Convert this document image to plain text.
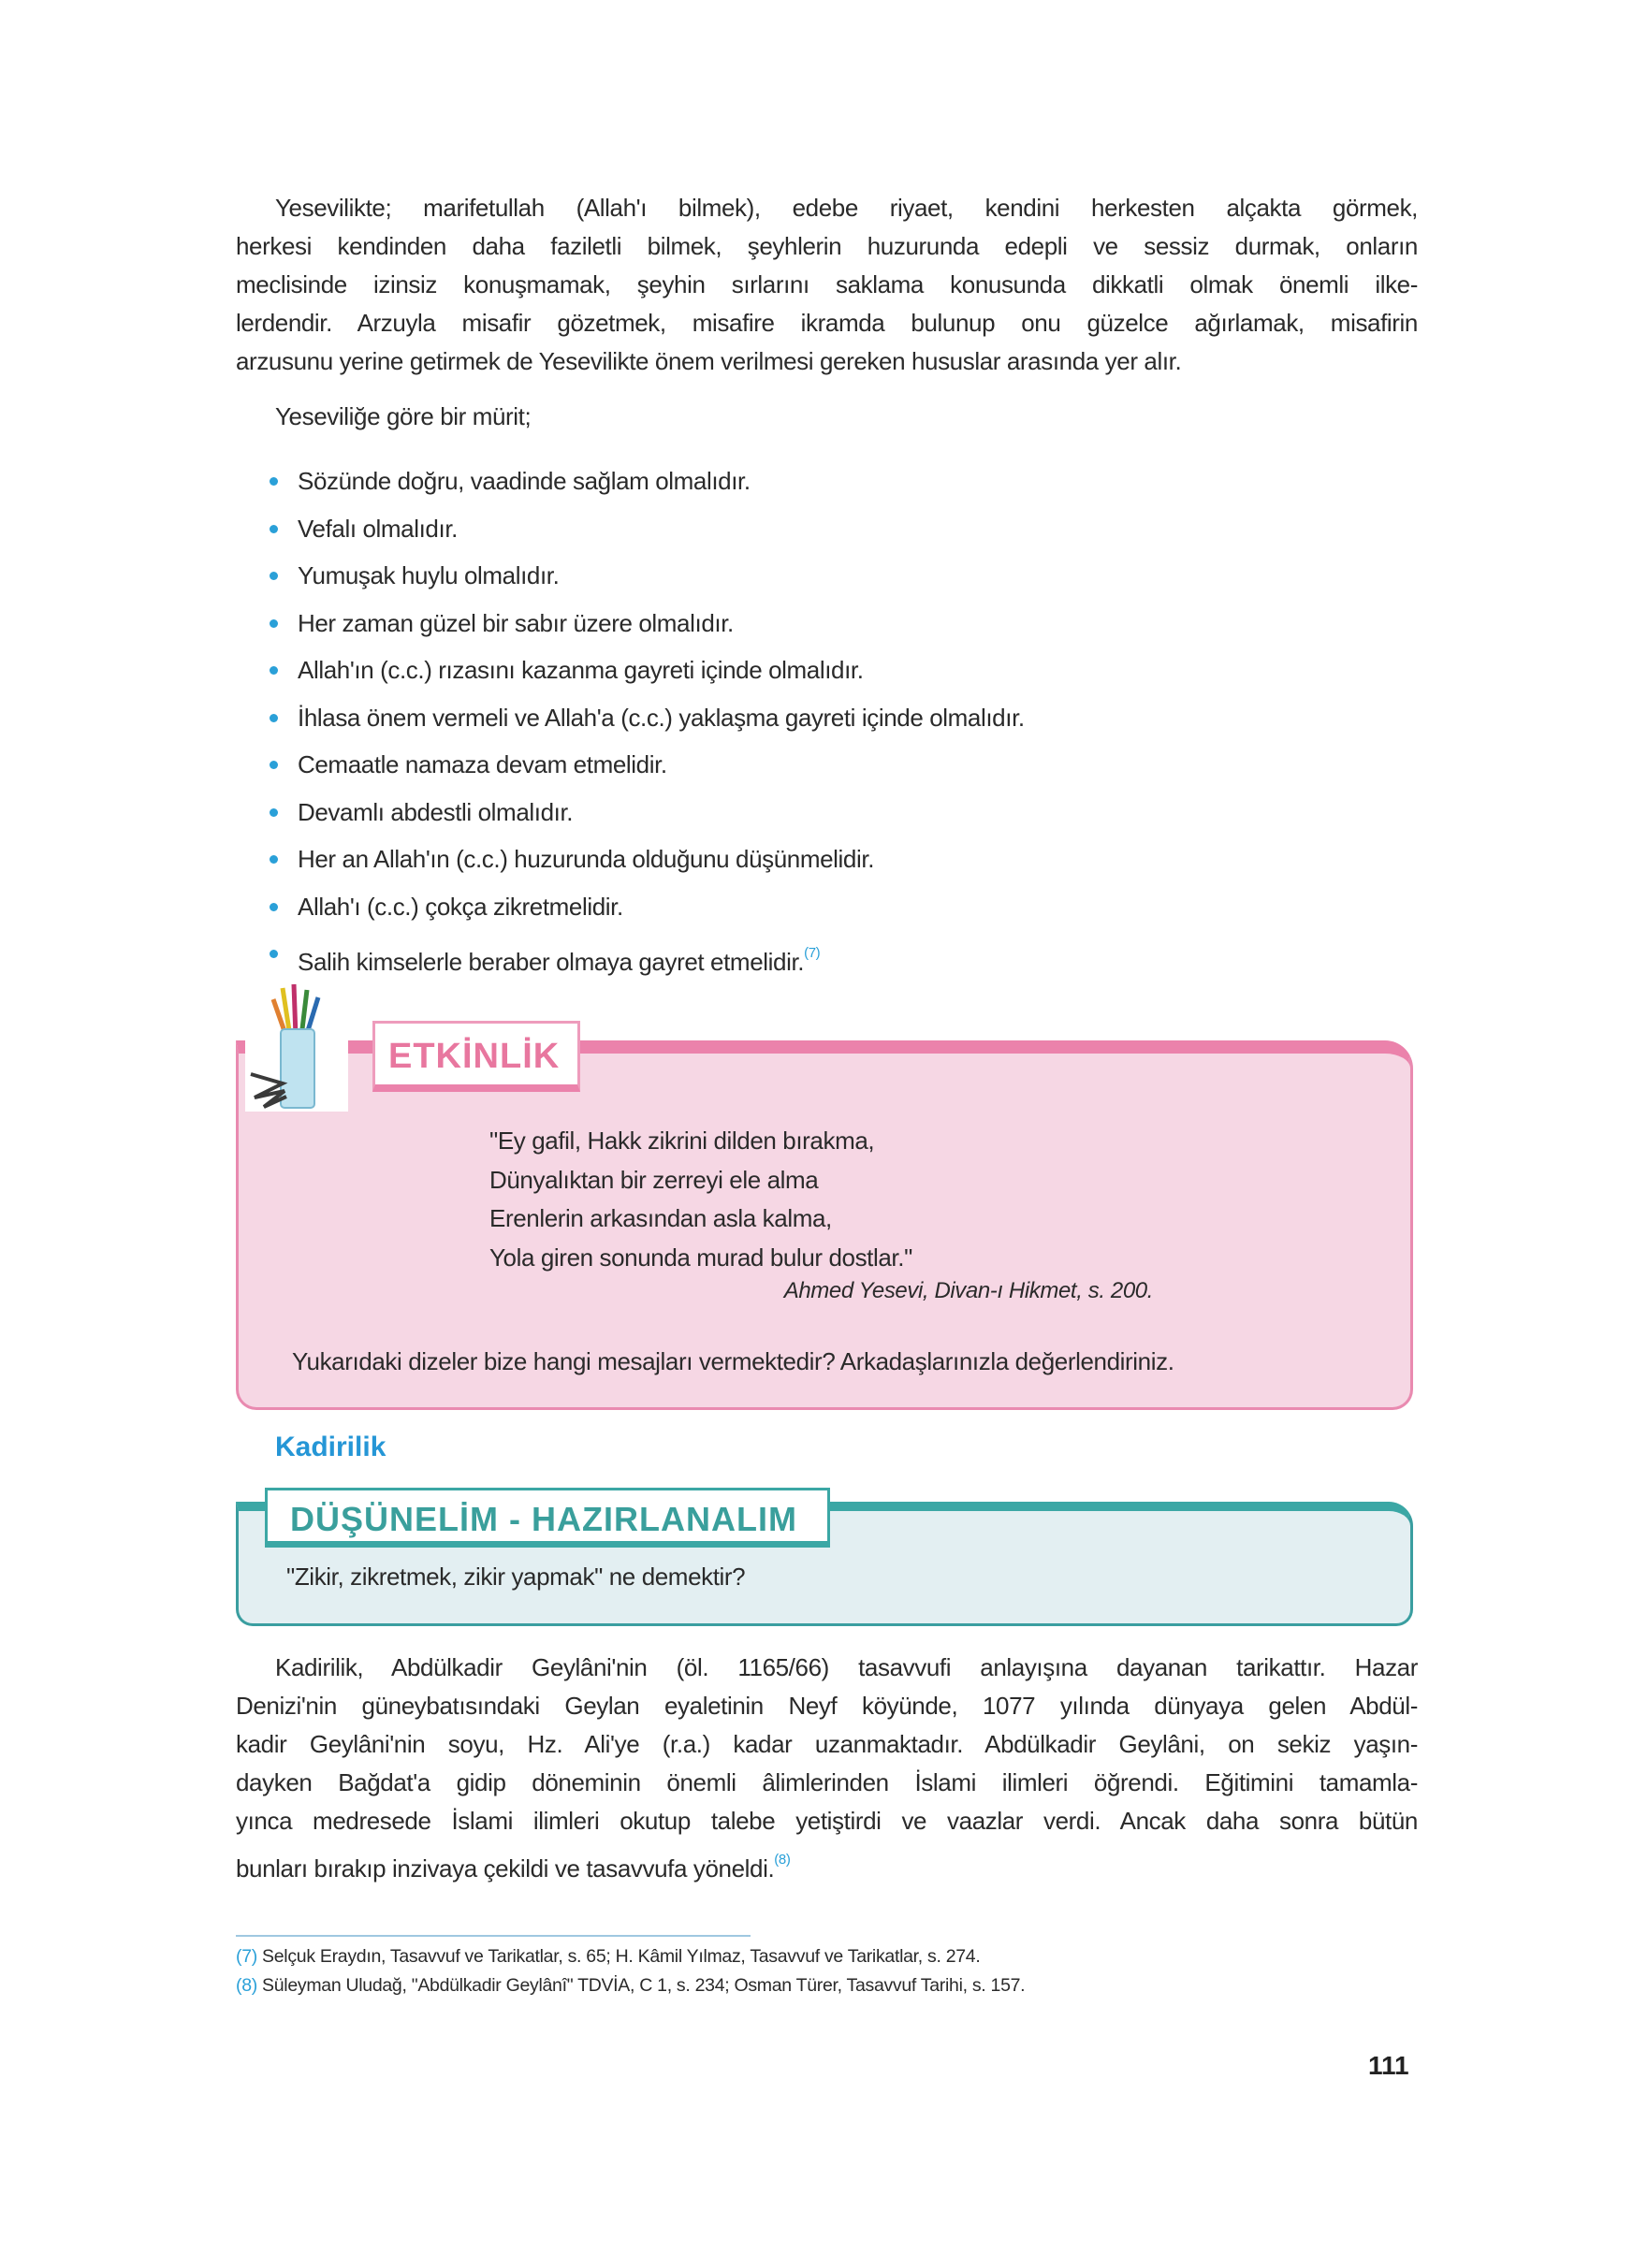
Yesevilikte; marifetullah (Allah'ı bilmek), edebe riyaet, kendini herkesten alçakta görmek,
herkesi kendinden daha faziletli bilmek, şeyhlerin huzurunda edepli ve sessiz durmak, onların
meclisinde izinsiz konuşmamak, şeyhin sırlarını saklama konusunda dikkatli olmak önemli ilke-
lerdendir. Arzuyla misafir gözetmek, misafire ikramda bulunup onu güzelce ağırlamak, misafirin
arzusunu yerine getirmek de Yesevilikte önem verilmesi gereken hususlar arasında yer alır.
Yeseviliğe göre bir mürit;
Sözünde doğru, vaadinde sağlam olmalıdır.
Vefalı olmalıdır.
Yumuşak huylu olmalıdır.
Her zaman güzel bir sabır üzere olmalıdır.
Allah'ın (c.c.) rızasını kazanma gayreti içinde olmalıdır.
İhlasa önem vermeli ve Allah'a (c.c.) yaklaşma gayreti içinde olmalıdır.
Cemaatle namaza devam etmelidir.
Devamlı abdestli olmalıdır.
Her an Allah'ın (c.c.) huzurunda olduğunu düşünmelidir.
Allah'ı (c.c.) çokça zikretmelidir.
Salih kimselerle beraber olmaya gayret etmelidir.$^{(7)}$
ETKİNLİK
"Ey gafil, Hakk zikrini dilden bırakma,
Dünyalıktan bir zerreyi ele alma
Erenlerin arkasından asla kalma,
Yola giren sonunda murad bulur dostlar."
Ahmed Yesevi, Divan-ı Hikmet, s. 200.
Yukarıdaki dizeler bize hangi mesajları vermektedir? Arkadaşlarınızla değerlendiriniz.
Kadirilik
DÜŞÜNELİM - HAZIRLANALIM
"Zikir, zikretmek, zikir yapmak" ne demektir?
Kadirilik, Abdülkadir Geylâni'nin (öl. 1165/66) tasavvufi anlayışına dayanan tarikattır. Hazar
Denizi'nin güneybatısındaki Geylan eyaletinin Neyf köyünde, 1077 yılında dünyaya gelen Abdül-
kadir Geylâni'nin soyu, Hz. Ali'ye (r.a.) kadar uzanmaktadır. Abdülkadir Geylâni, on sekiz yaşın-
dayken Bağdat'a gidip döneminin önemli âlimlerinden İslami ilimleri öğrendi. Eğitimini tamamla-
yınca medresede İslami ilimleri okutup talebe yetiştirdi ve vaazlar verdi. Ancak daha sonra bütün
bunları bırakıp inzivaya çekildi ve tasavvufa yöneldi.$^{(8)}$
(7) Selçuk Eraydın, Tasavvuf ve Tarikatlar, s. 65; H. Kâmil Yılmaz, Tasavvuf ve Tarikatlar, s. 274.
(8) Süleyman Uludağ, "Abdülkadir Geylânî" TDVİA, C 1, s. 234; Osman Türer, Tasavvuf Tarihi, s. 157.
111
